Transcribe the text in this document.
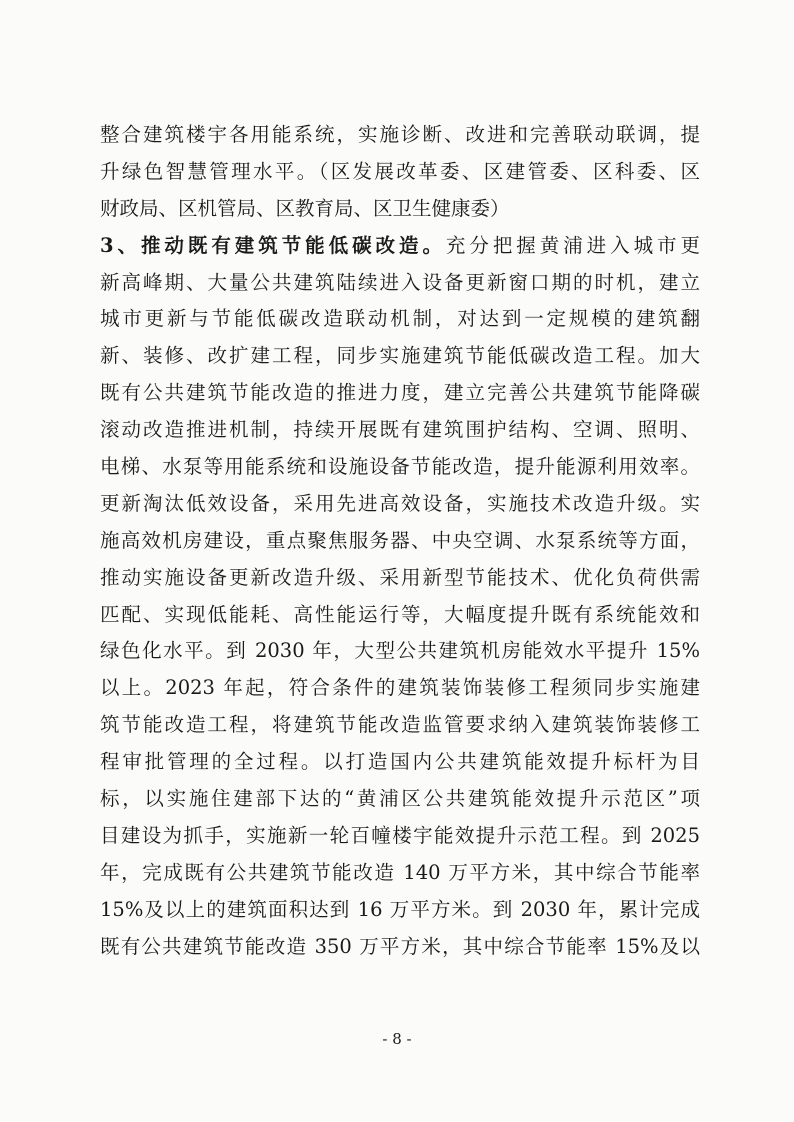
整合建筑楼宇各用能系统，实施诊断、改进和完善联动联调，提
升绿色智慧管理水平。（区发展改革委、区建管委、区科委、区
财政局、区机管局、区教育局、区卫生健康委）
3、推动既有建筑节能低碳改造。充分把握黄浦进入城市更
新高峰期、大量公共建筑陆续进入设备更新窗口期的时机，建立
城市更新与节能低碳改造联动机制，对达到一定规模的建筑翻
新、装修、改扩建工程，同步实施建筑节能低碳改造工程。加大
既有公共建筑节能改造的推进力度，建立完善公共建筑节能降碳
滚动改造推进机制，持续开展既有建筑围护结构、空调、照明、
电梯、水泵等用能系统和设施设备节能改造，提升能源利用效率。
更新淘汰低效设备，采用先进高效设备，实施技术改造升级。实
施高效机房建设，重点聚焦服务器、中央空调、水泵系统等方面，
推动实施设备更新改造升级、采用新型节能技术、优化负荷供需
匹配、实现低能耗、高性能运行等，大幅度提升既有系统能效和
绿色化水平。到 2030 年，大型公共建筑机房能效水平提升 15%
以上。2023 年起，符合条件的建筑装饰装修工程须同步实施建
筑节能改造工程，将建筑节能改造监管要求纳入建筑装饰装修工
程审批管理的全过程。以打造国内公共建筑能效提升标杆为目
标，以实施住建部下达的“黄浦区公共建筑能效提升示范区”项
目建设为抓手，实施新一轮百幢楼宇能效提升示范工程。到 2025
年，完成既有公共建筑节能改造 140 万平方米，其中综合节能率
15%及以上的建筑面积达到 16 万平方米。到 2030 年，累计完成
既有公共建筑节能改造 350 万平方米，其中综合节能率 15%及以
- 8 -
